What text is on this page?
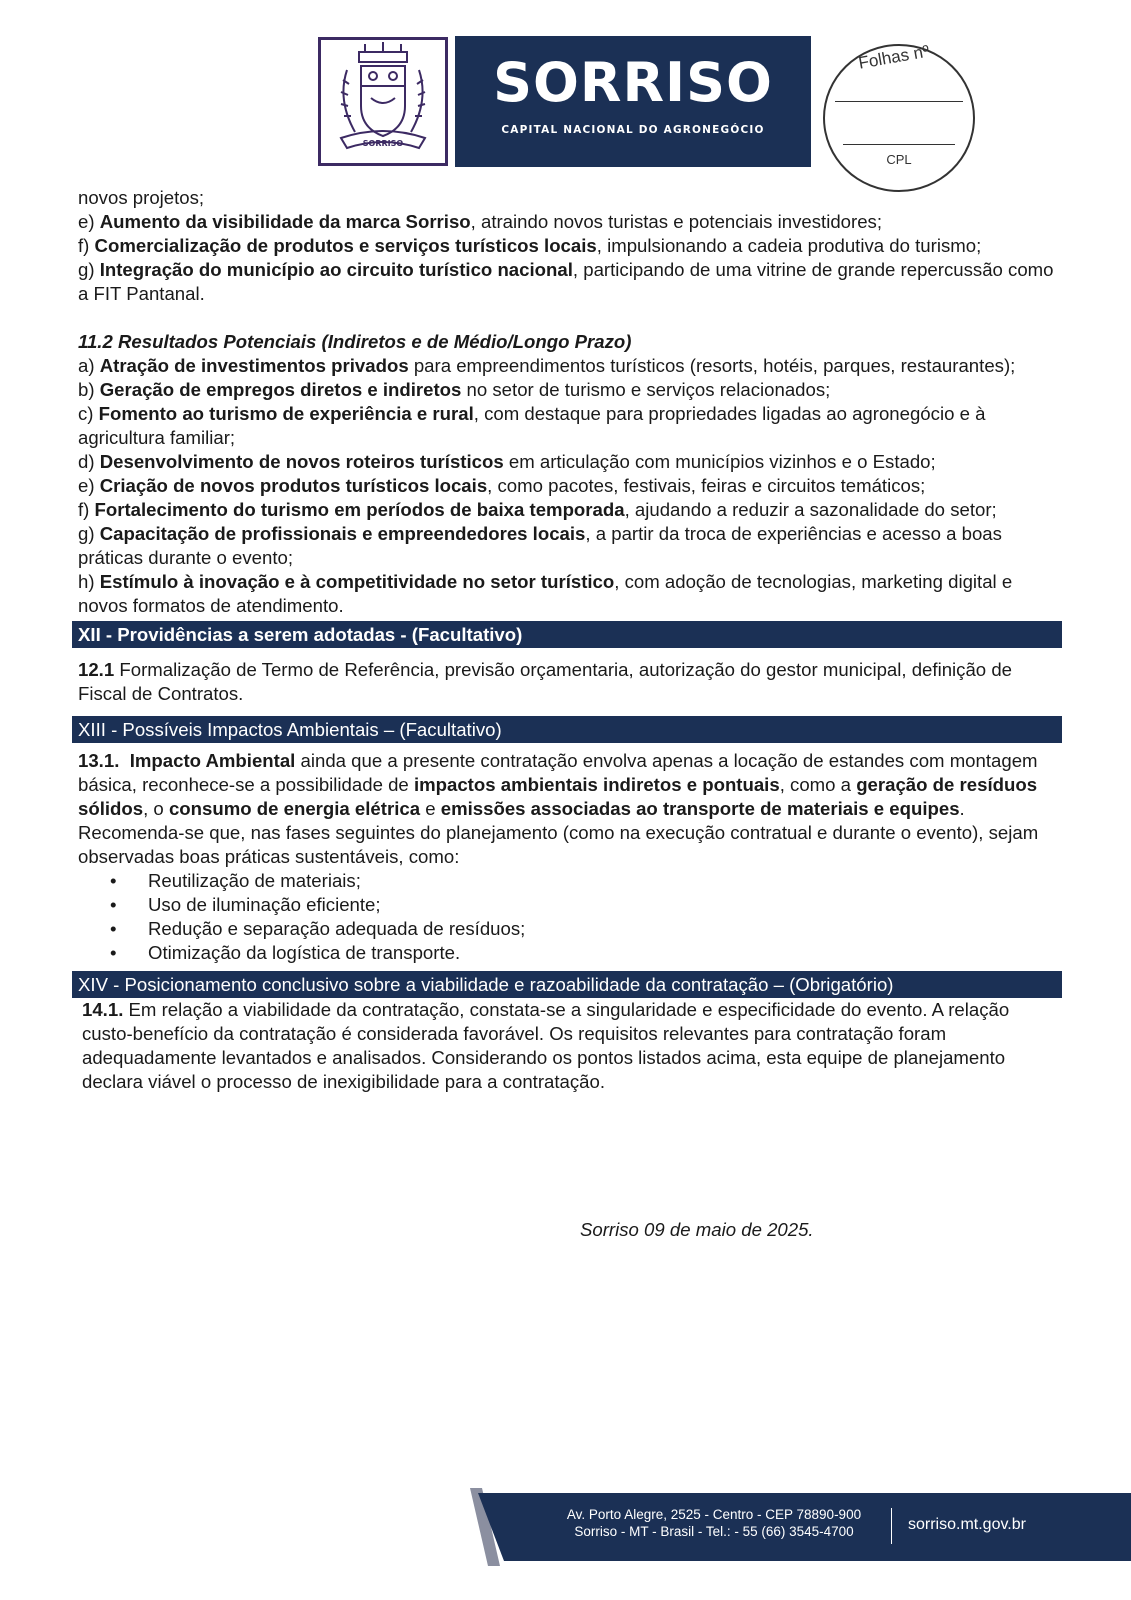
SORRISO
SORRISO
CAPITAL NACIONAL DO AGRONEGÓCIO
Folhas nº
CPL

novos projetos;

e) Aumento da visibilidade da marca Sorriso, atraindo novos turistas e potenciais investidores;

f) Comercialização de produtos e serviços turísticos locais, impulsionando a cadeia produtiva do turismo;

g) Integração do município ao circuito turístico nacional, participando de uma vitrine de grande repercussão como a FIT Pantanal.

11.2 Resultados Potenciais (Indiretos e de Médio/Longo Prazo)

a) Atração de investimentos privados para empreendimentos turísticos (resorts, hotéis, parques, restaurantes);

b) Geração de empregos diretos e indiretos no setor de turismo e serviços relacionados;

c) Fomento ao turismo de experiência e rural, com destaque para propriedades ligadas ao agronegócio e à agricultura familiar;

d) Desenvolvimento de novos roteiros turísticos em articulação com municípios vizinhos e o Estado;

e) Criação de novos produtos turísticos locais, como pacotes, festivais, feiras e circuitos temáticos;

f) Fortalecimento do turismo em períodos de baixa temporada, ajudando a reduzir a sazonalidade do setor;

g) Capacitação de profissionais e empreendedores locais, a partir da troca de experiências e acesso a boas práticas durante o evento;

h) Estímulo à inovação e à competitividade no setor turístico, com adoção de tecnologias, marketing digital e novos formatos de atendimento.

XII - Providências a serem adotadas - (Facultativo)

12.1 Formalização de Termo de Referência, previsão orçamentaria, autorização do gestor municipal, definição de Fiscal de Contratos.

XIII - Possíveis Impactos Ambientais – (Facultativo)

13.1. Impacto Ambiental ainda que a presente contratação envolva apenas a locação de estandes com montagem básica, reconhece-se a possibilidade de impactos ambientais indiretos e pontuais, como a geração de resíduos sólidos, o consumo de energia elétrica e emissões associadas ao transporte de materiais e equipes. Recomenda-se que, nas fases seguintes do planejamento (como na execução contratual e durante o evento), sejam observadas boas práticas sustentáveis, como:

• Reutilização de materiais;
• Uso de iluminação eficiente;
• Redução e separação adequada de resíduos;
• Otimização da logística de transporte.
XIV - Posicionamento conclusivo sobre a viabilidade e razoabilidade da contratação – (Obrigatório)

14.1. Em relação a viabilidade da contratação, constata-se a singularidade e especificidade do evento. A relação custo-benefício da contratação é considerada favorável. Os requisitos relevantes para contratação foram adequadamente levantados e analisados. Considerando os pontos listados acima, esta equipe de planejamento declara viável o processo de inexigibilidade para a contratação.

Sorriso 09 de maio de 2025.
Av. Porto Alegre, 2525 - Centro - CEP 78890-900
Sorriso - MT - Brasil - Tel.: - 55 (66) 3545-4700	sorriso.mt.gov.br
